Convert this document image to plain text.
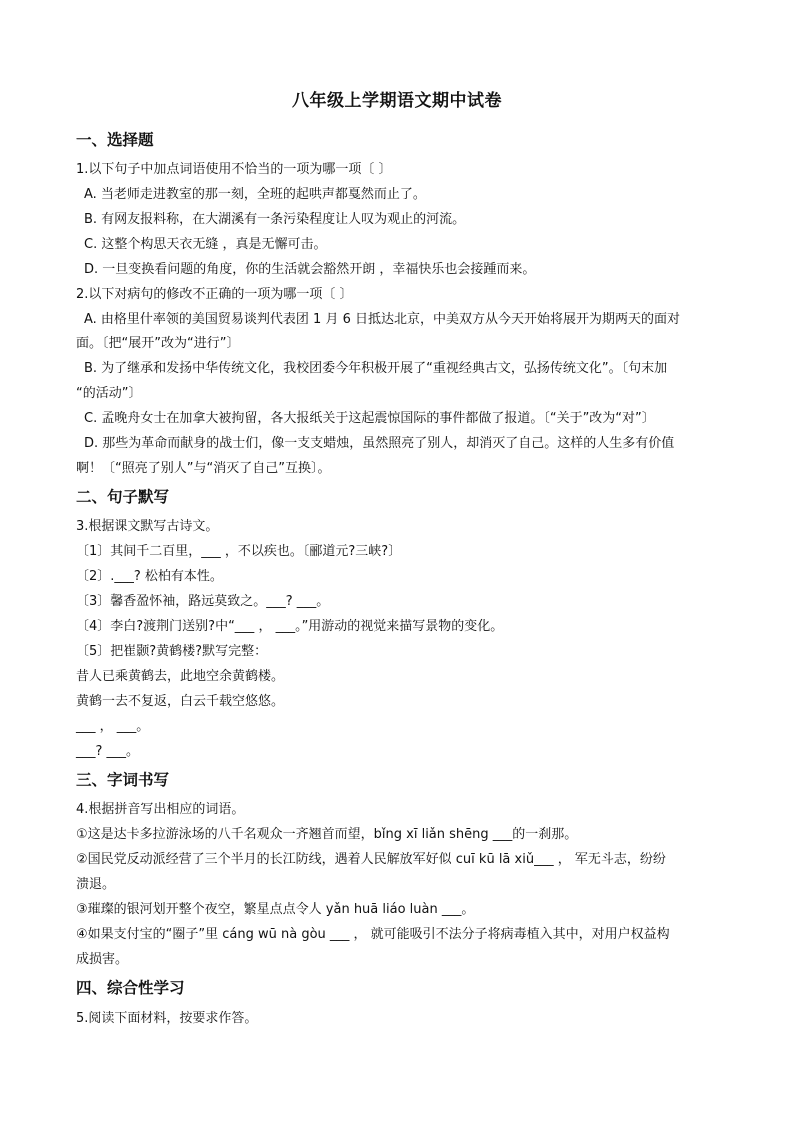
八年级上学期语文期中试卷
一、选择题
1.以下句子中加点词语使用不恰当的一项为哪一项〔 〕
A. 当老师走进教室的那一刻，全班的起哄声都戛然而止了。
B. 有网友报料称，在大湖溪有一条污染程度让人叹为观止的河流。
C. 这整个构思天衣无缝 ，真是无懈可击。
D. 一旦变换看问题的角度，你的生活就会豁然开朗 ，幸福快乐也会接踵而来。
2.以下对病句的修改不正确的一项为哪一项〔 〕
A. 由格里什率领的美国贸易谈判代表团 1 月 6 日抵达北京，中美双方从今天开始将展开为期两天的面对
面。〔把“展开”改为“进行”〕
B. 为了继承和发扬中华传统文化，我校团委今年积极开展了“重视经典古文，弘扬传统文化”。〔句末加
“的活动”〕
C. 孟晚舟女士在加拿大被拘留，各大报纸关于这起震惊国际的事件都做了报道。〔“关于”改为“对”〕
D. 那些为革命而献身的战士们，像一支支蜡烛，虽然照亮了别人，却消灭了自己。这样的人生多有价值
啊！〔“照亮了别人”与“消灭了自己”互换〕。
二、句子默写
3.根据课文默写古诗文。
〔1〕其间千二百里，___ ，不以疾也。〔郦道元?三峡?〕
〔2〕.___? 松柏有本性。
〔3〕馨香盈怀袖，路远莫致之。___? ___。
〔4〕李白?渡荆门送别?中“___ ， ___。”用游动的视觉来描写景物的变化。
〔5〕把崔颢?黄鹤楼?默写完整：
昔人已乘黄鹤去，此地空余黄鹤楼。
黄鹤一去不复返，白云千载空悠悠。
___ ， ___。
___? ___。
三、字词书写
4.根据拼音写出相应的词语。
①这是达卡多拉游泳场的八千名观众一齐翘首而望，bǐng xī liǎn shēng ___的一刹那。
②国民党反动派经营了三个半月的长江防线，遇着人民解放军好似 cuī kū lā xiǔ___ ， 军无斗志，纷纷
溃退。
③璀璨的银河划开整个夜空，繁星点点令人 yǎn huā liáo luàn ___。
④如果支付宝的“圈子”里 cáng wū nà gòu ___ ， 就可能吸引不法分子将病毒植入其中，对用户权益构
成损害。
四、综合性学习
5.阅读下面材料，按要求作答。
